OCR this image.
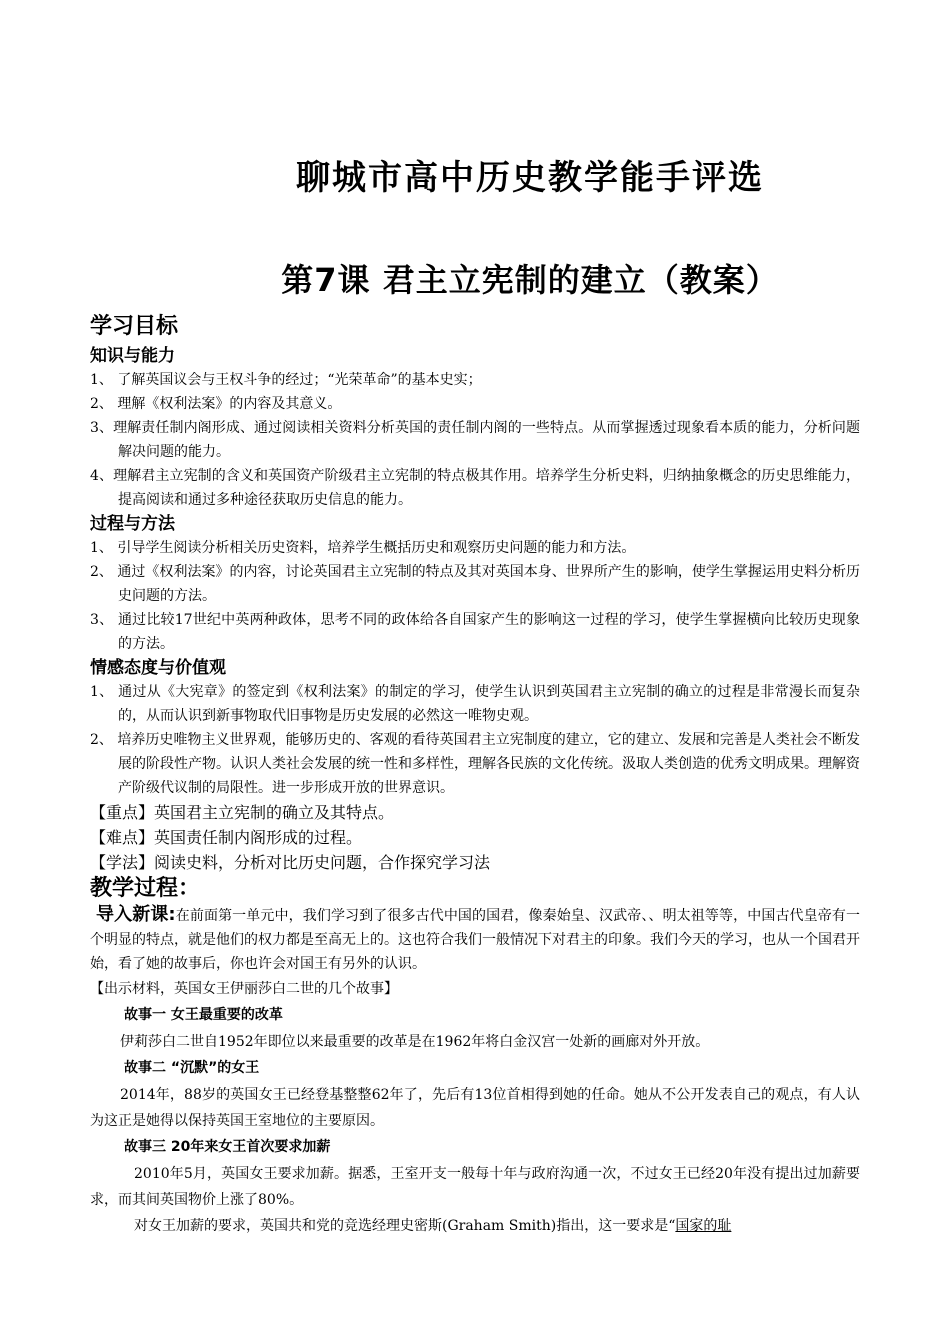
聊城市高中历史教学能手评选
第7课 君主立宪制的建立（教案）
学习目标
知识与能力
1、 了解英国议会与王权斗争的经过；“光荣革命”的基本史实；
2、 理解《权利法案》的内容及其意义。
3、理解责任制内阁形成、通过阅读相关资料分析英国的责任制内阁的一些特点。从而掌握透过现象看本质的能力，分析问题解决问题的能力。
4、理解君主立宪制的含义和英国资产阶级君主立宪制的特点极其作用。培养学生分析史料，归纳抽象概念的历史思维能力，提高阅读和通过多种途径获取历史信息的能力。
过程与方法
1、 引导学生阅读分析相关历史资料，培养学生概括历史和观察历史问题的能力和方法。
2、 通过《权利法案》的内容，讨论英国君主立宪制的特点及其对英国本身、世界所产生的影响，使学生掌握运用史料分析历史问题的方法。
3、 通过比较17世纪中英两种政体，思考不同的政体给各自国家产生的影响这一过程的学习，使学生掌握横向比较历史现象的方法。
情感态度与价值观
1、 通过从《大宪章》的签定到《权利法案》的制定的学习，使学生认识到英国君主立宪制的确立的过程是非常漫长而复杂的，从而认识到新事物取代旧事物是历史发展的必然这一唯物史观。
2、 培养历史唯物主义世界观，能够历史的、客观的看待英国君主立宪制度的建立，它的建立、发展和完善是人类社会不断发展的阶段性产物。认识人类社会发展的统一性和多样性，理解各民族的文化传统。汲取人类创造的优秀文明成果。理解资产阶级代议制的局限性。进一步形成开放的世界意识。
【重点】英国君主立宪制的确立及其特点。
【难点】英国责任制内阁形成的过程。
【学法】阅读史料，分析对比历史问题，合作探究学习法
教学过程：
导入新课:在前面第一单元中，我们学习到了很多古代中国的国君，像秦始皇、汉武帝、、明太祖等等，中国古代皇帝有一个明显的特点，就是他们的权力都是至高无上的。这也符合我们一般情况下对君主的印象。我们今天的学习，也从一个国君开始，看了她的故事后，你也许会对国王有另外的认识。
【出示材料，英国女王伊丽莎白二世的几个故事】
故事一 女王最重要的改革
伊莉莎白二世自1952年即位以来最重要的改革是在1962年将白金汉宫一处新的画廊对外开放。
故事二 “沉默”的女王
2014年，88岁的英国女王已经登基整整62年了，先后有13位首相得到她的任命。她从不公开发表自己的观点，有人认为这正是她得以保持英国王室地位的主要原因。
故事三 20年来女王首次要求加薪
2010年5月，英国女王要求加薪。据悉，王室开支一般每十年与政府沟通一次，不过女王已经20年没有提出过加薪要求，而其间英国物价上涨了80%。
对女王加薪的要求，英国共和党的竞选经理史密斯(Graham Smith)指出，这一要求是“国家的耻
